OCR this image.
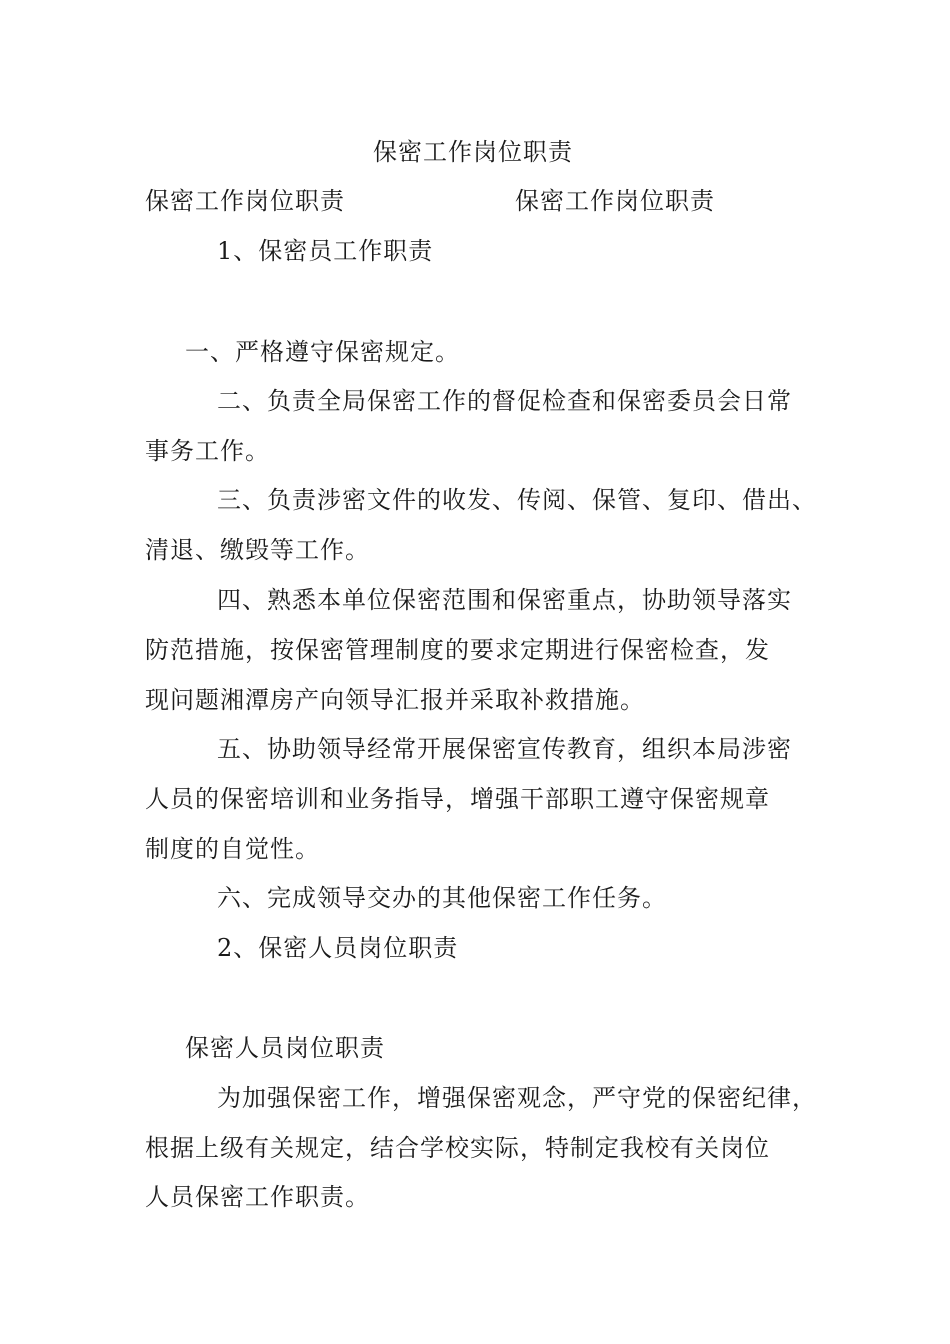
保密工作岗位职责
保密工作岗位职责	保密工作岗位职责
1、保密员工作职责
一、严格遵守保密规定。
二、负责全局保密工作的督促检查和保密委员会日常
事务工作。
三、负责涉密文件的收发、传阅、保管、复印、借出、
清退、缴毁等工作。
四、熟悉本单位保密范围和保密重点，协助领导落实
防范措施，按保密管理制度的要求定期进行保密检查，发
现问题湘潭房产向领导汇报并采取补救措施。
五、协助领导经常开展保密宣传教育，组织本局涉密
人员的保密培训和业务指导，增强干部职工遵守保密规章
制度的自觉性。
六、完成领导交办的其他保密工作任务。
2、保密人员岗位职责
保密人员岗位职责
为加强保密工作，增强保密观念，严守党的保密纪律，
根据上级有关规定，结合学校实际，特制定我校有关岗位
人员保密工作职责。
